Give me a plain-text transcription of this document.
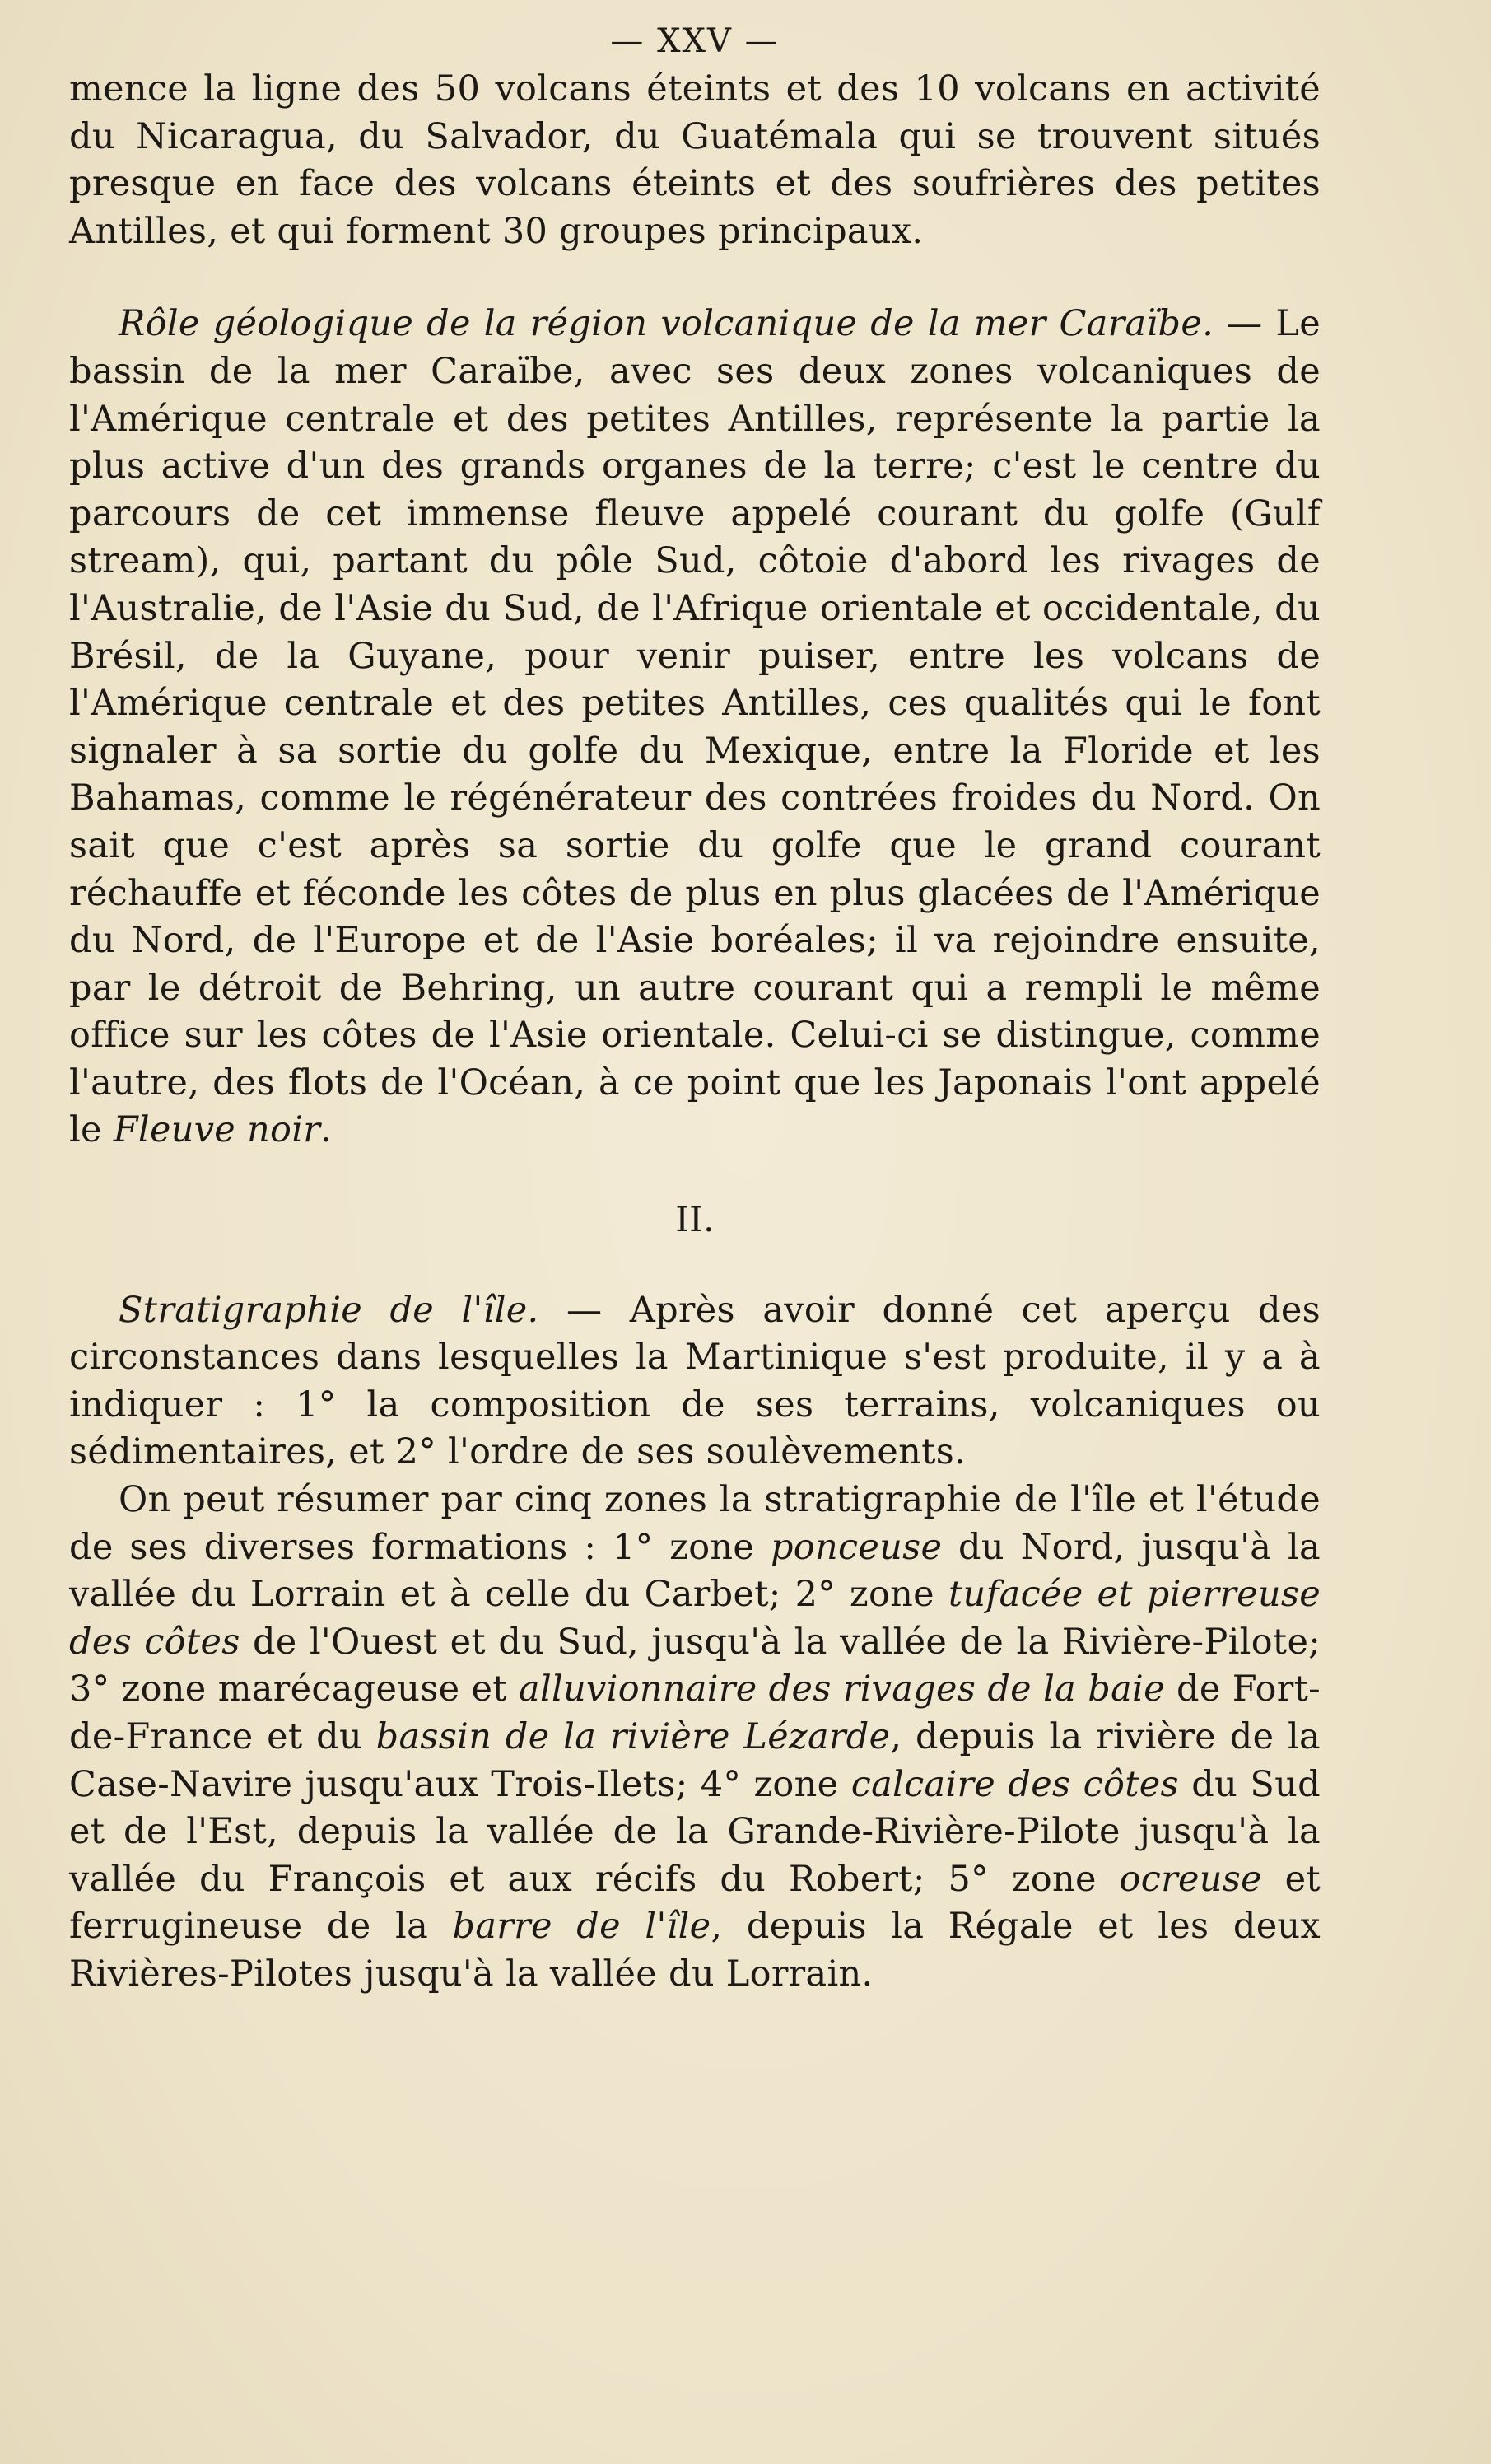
— XXV —

mence la ligne des 50 volcans éteints et des 10 volcans en activité du Nicaragua, du Salvador, du Guatémala qui se trouvent situés presque en face des volcans éteints et des soufrières des petites Antilles, et qui forment 30 groupes principaux.

Rôle géologique de la région volcanique de la mer Caraïbe. — Le bassin de la mer Caraïbe, avec ses deux zones volcaniques de l'Amérique centrale et des petites Antilles, représente la partie la plus active d'un des grands organes de la terre; c'est le centre du parcours de cet immense fleuve appelé courant du golfe (Gulf stream), qui, partant du pôle Sud, côtoie d'abord les rivages de l'Australie, de l'Asie du Sud, de l'Afrique orientale et occidentale, du Brésil, de la Guyane, pour venir puiser, entre les volcans de l'Amérique centrale et des petites Antilles, ces qualités qui le font signaler à sa sortie du golfe du Mexique, entre la Floride et les Bahamas, comme le régénérateur des contrées froides du Nord. On sait que c'est après sa sortie du golfe que le grand courant réchauffe et féconde les côtes de plus en plus glacées de l'Amérique du Nord, de l'Europe et de l'Asie boréales; il va rejoindre ensuite, par le détroit de Behring, un autre courant qui a rempli le même office sur les côtes de l'Asie orientale. Celui-ci se distingue, comme l'autre, des flots de l'Océan, à ce point que les Japonais l'ont appelé le Fleuve noir.

II.

Stratigraphie de l'île. — Après avoir donné cet aperçu des circonstances dans lesquelles la Martinique s'est produite, il y a à indiquer : 1° la composition de ses terrains, volcaniques ou sédimentaires, et 2° l'ordre de ses soulèvements.

On peut résumer par cinq zones la stratigraphie de l'île et l'étude de ses diverses formations : 1° zone ponceuse du Nord, jusqu'à la vallée du Lorrain et à celle du Carbet; 2° zone tufacée et pierreuse des côtes de l'Ouest et du Sud, jusqu'à la vallée de la Rivière-Pilote; 3° zone marécageuse et alluvionnaire des rivages de la baie de Fort-de-France et du bassin de la rivière Lézarde, depuis la rivière de la Case-Navire jusqu'aux Trois-Ilets; 4° zone calcaire des côtes du Sud et de l'Est, depuis la vallée de la Grande-Rivière-Pilote jusqu'à la vallée du François et aux récifs du Robert; 5° zone ocreuse et ferrugineuse de la barre de l'île, depuis la Régale et les deux Rivières-Pilotes jusqu'à la vallée du Lorrain.
